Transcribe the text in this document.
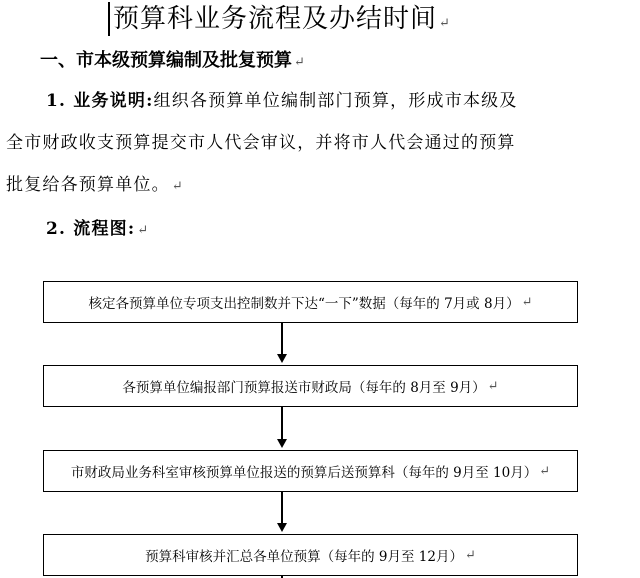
预算科业务流程及办结时间 ↵
一、市本级预算编制及批复预算 ↵
1. 业务说明:组织各预算单位编制部门预算，形成市本级及
全市财政收支预算提交市人代会审议，并将市人代会通过的预算
批复给各预算单位。 ↵
2. 流程图: ↵
核定各预算单位专项支出控制数并下达“一下”数据（每年的 7月或 8月） ↵
各预算单位编报部门预算报送市财政局（每年的 8月至 9月） ↵
市财政局业务科室审核预算单位报送的预算后送预算科（每年的 9月至 10月） ↵
预算科审核并汇总各单位预算（每年的 9月至 12月） ↵
